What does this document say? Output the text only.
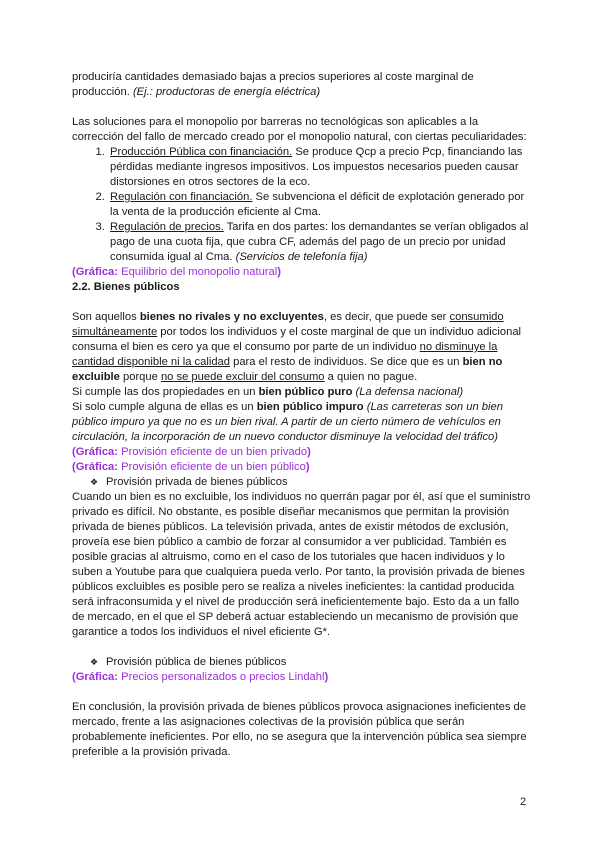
produciría cantidades demasiado bajas a precios superiores al coste marginal de producción. (Ej.: productoras de energía eléctrica)

Las soluciones para el monopolio por barreras no tecnológicas son aplicables a la corrección del fallo de mercado creado por el monopolio natural, con ciertas peculiaridades:

1. Producción Pública con financiación. Se produce Qcp a precio Pcp, financiando las pérdidas mediante ingresos impositivos. Los impuestos necesarios pueden causar distorsiones en otros sectores de la eco.
2. Regulación con financiación. Se subvenciona el déficit de explotación generado por la venta de la producción eficiente al Cma.
3. Regulación de precios. Tarifa en dos partes: los demandantes se verían obligados al pago de una cuota fija, que cubra CF, además del pago de un precio por unidad consumida igual al Cma. (Servicios de telefonía fija)

(Gráfica: Equilibrio del monopolio natural)

2.2. Bienes públicos

Son aquellos bienes no rivales y no excluyentes, es decir, que puede ser consumido simultáneamente por todos los individuos y el coste marginal de que un individuo adicional consuma el bien es cero ya que el consumo por parte de un individuo no disminuye la cantidad disponible ni la calidad para el resto de individuos. Se dice que es un bien no excluible porque no se puede excluir del consumo a quien no pague.

Si cumple las dos propiedades en un bien público puro (La defensa nacional)

Si solo cumple alguna de ellas es un bien público impuro (Las carreteras son un bien público impuro ya que no es un bien rival. A partir de un cierto número de vehículos en circulación, la incorporación de un nuevo conductor disminuye la velocidad del tráfico)

(Gráfica: Provisión eficiente de un bien privado)

(Gráfica: Provisión eficiente de un bien público)

❖ Provisión privada de bienes públicos

Cuando un bien es no excluible, los individuos no querrán pagar por él, así que el suministro privado es difícil. No obstante, es posible diseñar mecanismos que permitan la provisión privada de bienes públicos. La televisión privada, antes de existir métodos de exclusión, proveía ese bien público a cambio de forzar al consumidor a ver publicidad. También es posible gracias al altruismo, como en el caso de los tutoriales que hacen individuos y lo suben a Youtube para que cualquiera pueda verlo. Por tanto, la provisión privada de bienes públicos excluibles es posible pero se realiza a niveles ineficientes: la cantidad producida será infraconsumida y el nivel de producción será ineficientemente bajo. Esto da a un fallo de mercado, en el que el SP deberá actuar estableciendo un mecanismo de provisión que garantice a todos los individuos el nivel eficiente G*.

❖ Provisión pública de bienes públicos

(Gráfica: Precios personalizados o precios Lindahl)

En conclusión, la provisión privada de bienes públicos provoca asignaciones ineficientes de mercado, frente a las asignaciones colectivas de la provisión pública que serán probablemente ineficientes. Por ello, no se asegura que la intervención pública sea siempre preferible a la provisión privada.

2
